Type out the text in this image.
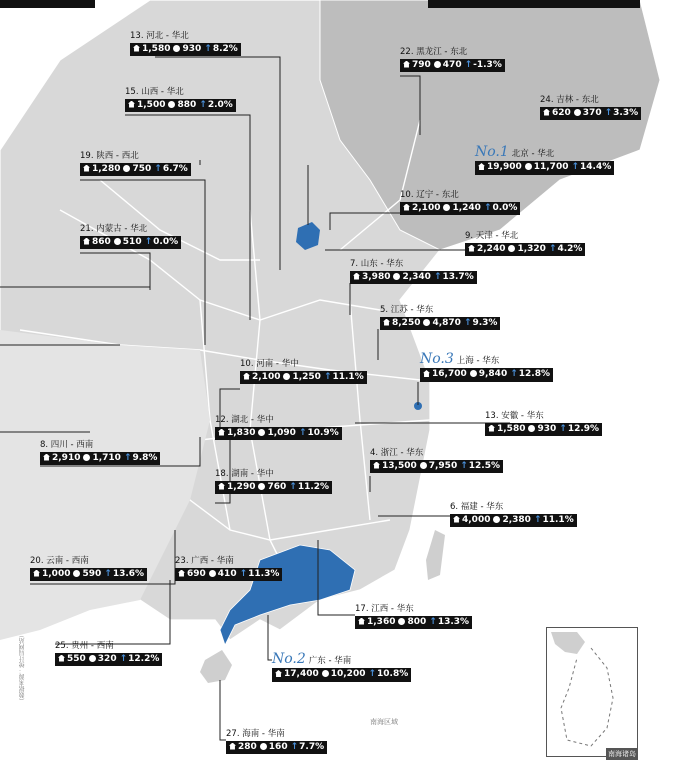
13. 河北 - 华北
1,580 930 ↑8.2%	22. 黑龙江 - 东北
790 470 ↑-1.3%
15. 山西 - 华北
1,500 880 ↑2.0%	24. 吉林 - 东北
620 370 ↑3.3%
19. 陕西 - 西北
1,280 750 ↑6.7%
No.1 北京 - 华北
19,900 11,700 ↑14.4%
10. 辽宁 - 东北
2,100 1,240 ↑0.0%
21. 内蒙古 - 华北
860 510 ↑0.0%
9. 天津 - 华北
2,240 1,320 ↑4.2%
7. 山东 - 华东
3,980 2,340 ↑13.7%
5. 江苏 - 华东
8,250 4,870 ↑9.3%
10. 河南 - 华中
2,100 1,250 ↑11.1%
No.3 上海 - 华东
16,700 9,840 ↑12.8%
12. 湖北 - 华中
1,830 1,090 ↑10.9%
13. 安徽 - 华东
1,580 930 ↑12.9%
8. 四川 - 西南
2,910 1,710 ↑9.8%	4. 浙江 - 华东
13,500 7,950 ↑12.5%
18. 湖南 - 华中
1,290 760 ↑11.2%
6. 福建 - 华东
4,000 2,380 ↑11.1%
20. 云南 - 西南
1,000 590 ↑13.6%
23. 广西 - 华南
690 410 ↑11.3%
17. 江西 - 华东
1,360 800 ↑13.3%
25. 贵州 - 西南
550 320 ↑12.2%	No.2 广东 - 华南
17,400 10,200 ↑10.8%
27. 海南 - 华南
280 160 ↑7.7%
南海诸岛
南海区域
（数据来源：统计局网站）
